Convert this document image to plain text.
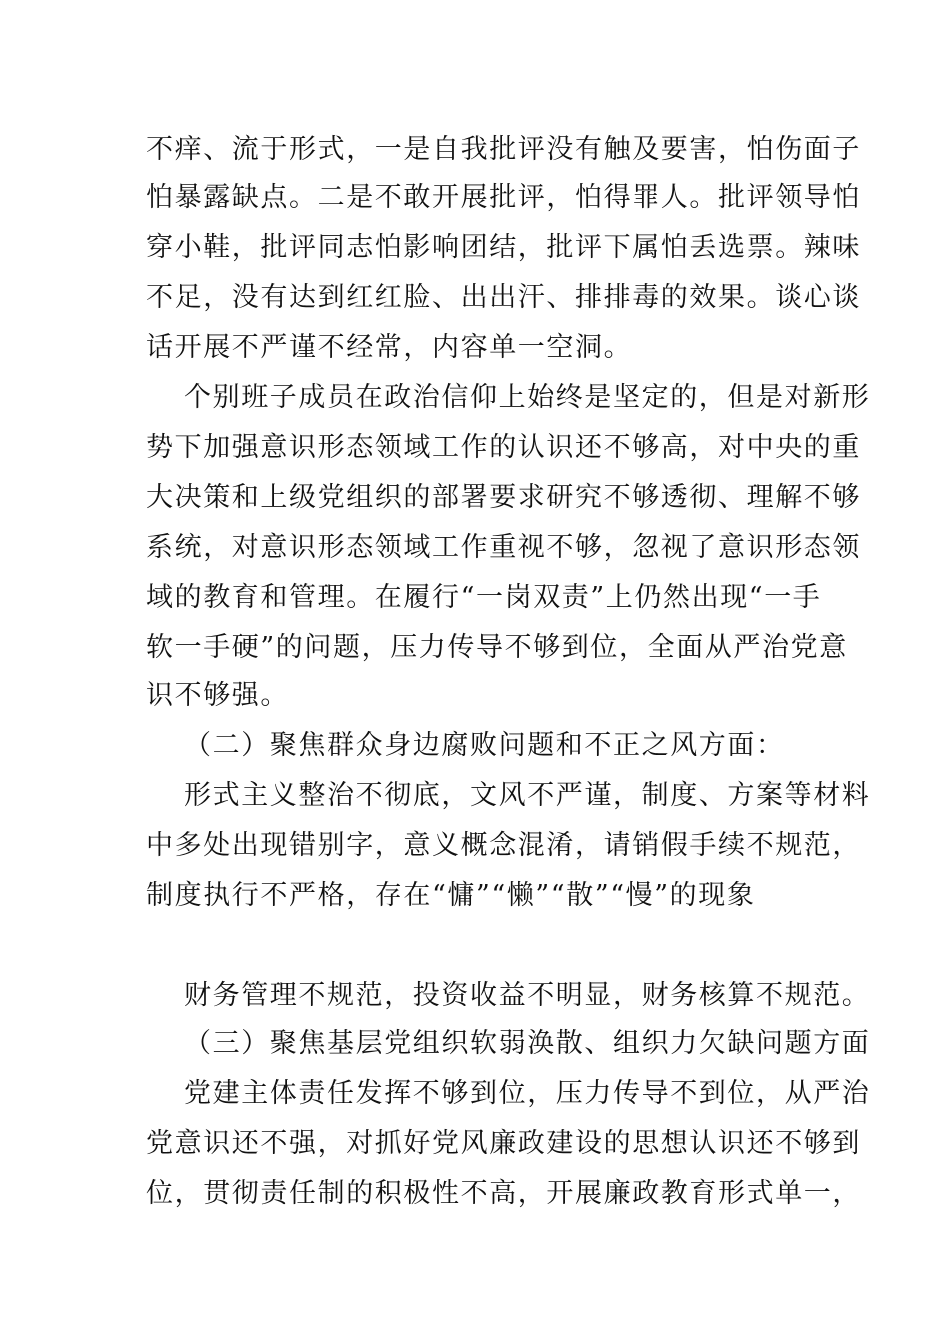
不痒、流于形式，一是自我批评没有触及要害，怕伤面子
怕暴露缺点。二是不敢开展批评，怕得罪人。批评领导怕
穿小鞋，批评同志怕影响团结，批评下属怕丢选票。辣味
不足，没有达到红红脸、出出汗、排排毒的效果。谈心谈
话开展不严谨不经常，内容单一空洞。
个别班子成员在政治信仰上始终是坚定的，但是对新形
势下加强意识形态领域工作的认识还不够高，对中央的重
大决策和上级党组织的部署要求研究不够透彻、理解不够
系统，对意识形态领域工作重视不够，忽视了意识形态领
域的教育和管理。在履行“一岗双责”上仍然出现“一手
软一手硬”的问题，压力传导不够到位，全面从严治党意
识不够强。
（二）聚焦群众身边腐败问题和不正之风方面：
形式主义整治不彻底，文风不严谨，制度、方案等材料
中多处出现错别字，意义概念混淆，请销假手续不规范，
制度执行不严格，存在“慵”“懒”“散”“慢”的现象
财务管理不规范，投资收益不明显，财务核算不规范。
（三）聚焦基层党组织软弱涣散、组织力欠缺问题方面
党建主体责任发挥不够到位，压力传导不到位，从严治
党意识还不强，对抓好党风廉政建设的思想认识还不够到
位，贯彻责任制的积极性不高，开展廉政教育形式单一，
